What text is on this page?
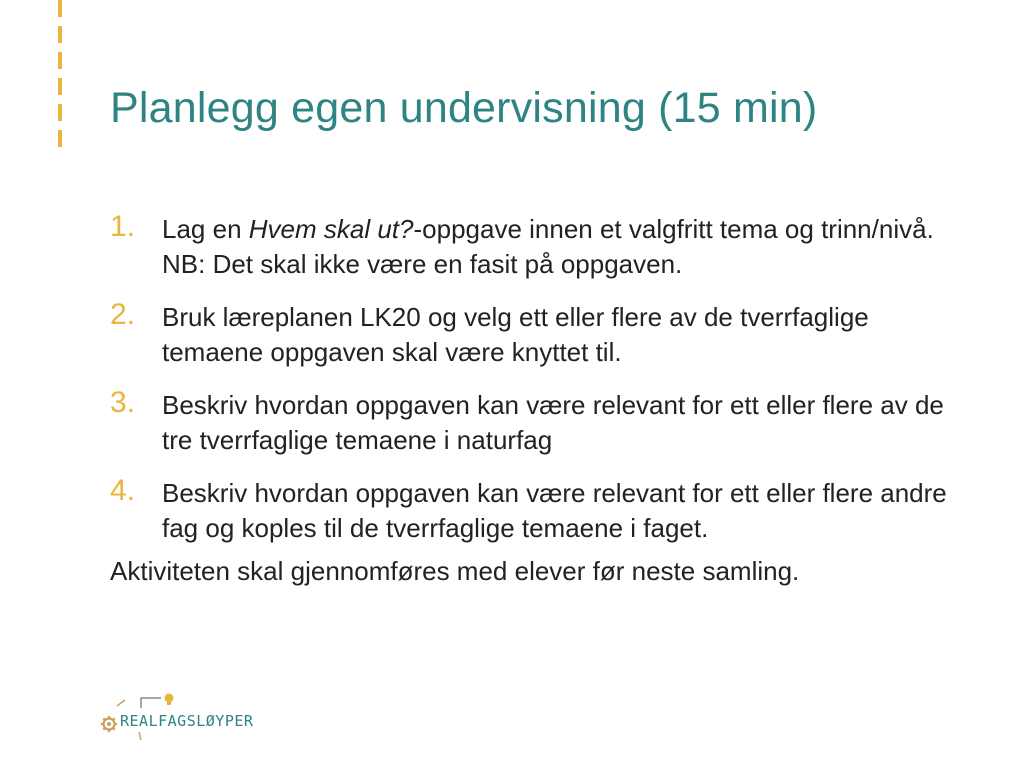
Planlegg egen undervisning (15 min)
1.	Lag en Hvem skal ut?-oppgave innen et valgfritt tema og trinn/nivå. NB: Det skal ikke være en fasit på oppgaven.
2.	Bruk læreplanen LK20 og velg ett eller flere av de tverrfaglige temaene oppgaven skal være knyttet til.
3.	Beskriv hvordan oppgaven kan være relevant for ett eller flere av de tre tverrfaglige temaene i naturfag
4.	Beskriv hvordan oppgaven kan være relevant for ett eller flere andre fag og koples til de tverrfaglige temaene i faget.

Aktiviteten skal gjennomføres med elever før neste samling.

REALFAGSLØYPER
